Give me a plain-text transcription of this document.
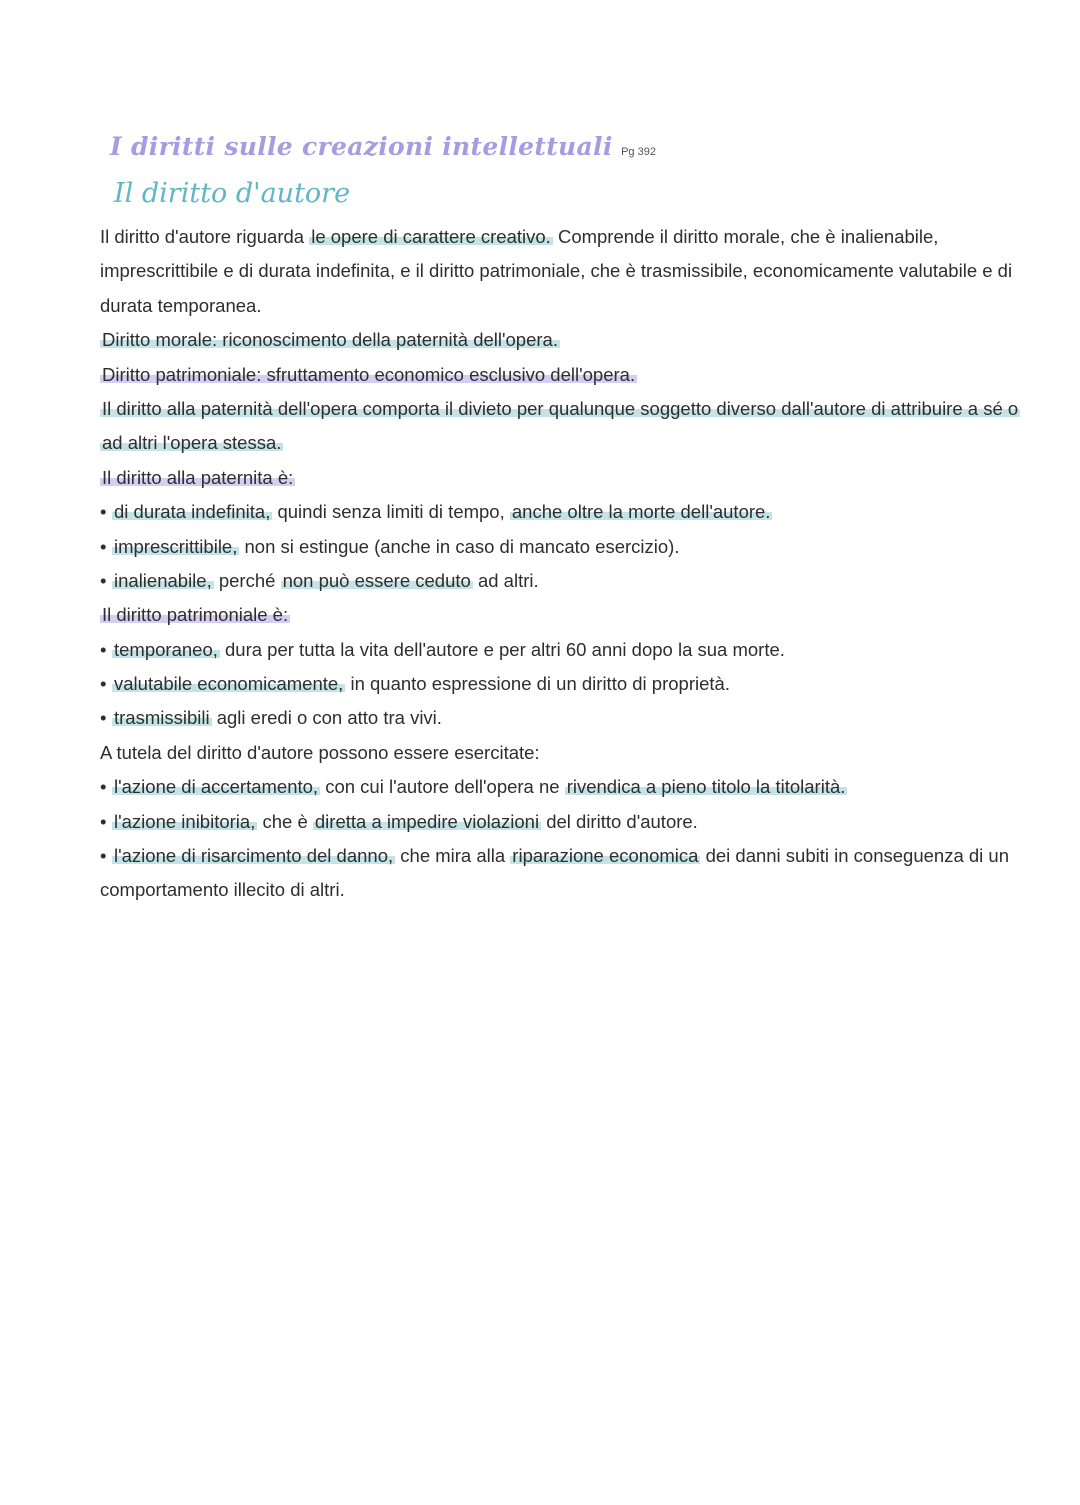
I diritti sulle creazioni intellettuali Pg 392
Il diritto d'autore
Il diritto d'autore riguarda le opere di carattere creativo. Comprende il diritto morale, che è inalienabile,
imprescrittibile e di durata indefinita, e il diritto patrimoniale, che è trasmissibile, economicamente valutabile e di
durata temporanea.
Diritto morale: riconoscimento della paternità dell'opera.
Diritto patrimoniale: sfruttamento economico esclusivo dell'opera.
Il diritto alla paternità dell'opera comporta il divieto per qualunque soggetto diverso dall'autore di attribuire a sé o
ad altri l'opera stessa.
Il diritto alla paternita è:
• di durata indefinita, quindi senza limiti di tempo, anche oltre la morte dell'autore.
• imprescrittibile, non si estingue (anche in caso di mancato esercizio).
• inalienabile, perché non può essere ceduto ad altri.
Il diritto patrimoniale è:
• temporaneo, dura per tutta la vita dell'autore e per altri 60 anni dopo la sua morte.
• valutabile economicamente, in quanto espressione di un diritto di proprietà.
• trasmissibili agli eredi o con atto tra vivi.
A tutela del diritto d'autore possono essere esercitate:
• l'azione di accertamento, con cui l'autore dell'opera ne rivendica a pieno titolo la titolarità.
• l'azione inibitoria, che è diretta a impedire violazioni del diritto d'autore.
• l'azione di risarcimento del danno, che mira alla riparazione economica dei danni subiti in conseguenza di un
comportamento illecito di altri.
